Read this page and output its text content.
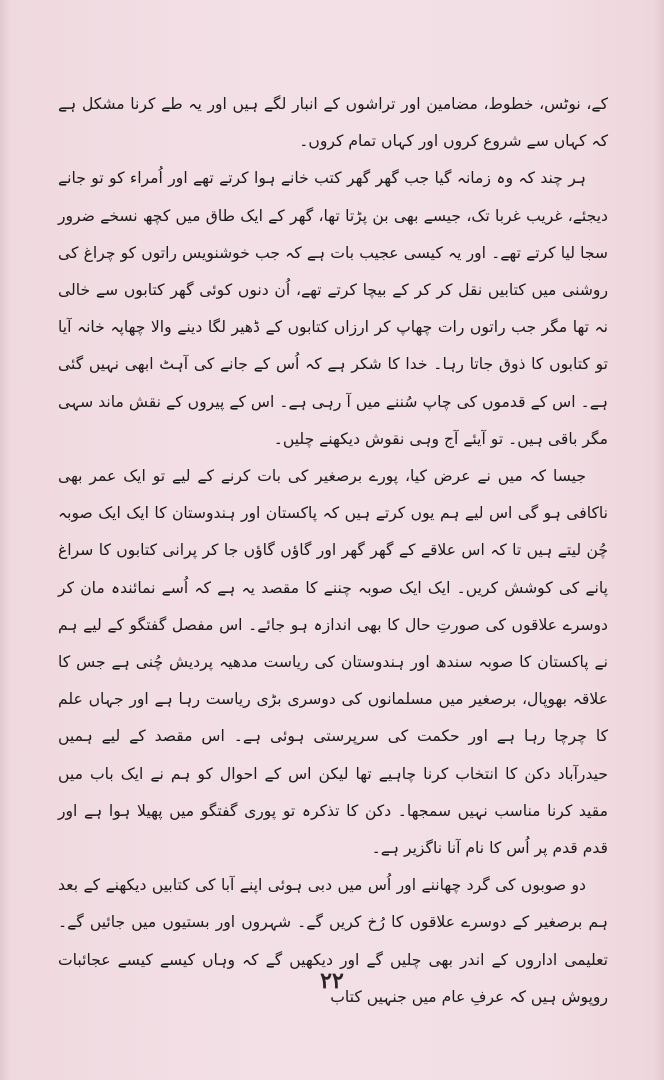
کے، نوٹس، خطوط، مضامین اور تراشوں کے انبار لگے ہیں اور یہ طے کرنا مشکل ہے کہ کہاں سے شروع کروں اور کہاں تمام کروں۔

ہر چند کہ وہ زمانہ گیا جب گھر گھر کتب خانے ہوا کرتے تھے اور اُمراء کو تو جانے دیجئے، غریب غربا تک، جیسے بھی بن پڑتا تھا، گھر کے ایک طاق میں کچھ نسخے ضرور سجا لیا کرتے تھے۔ اور یہ کیسی عجیب بات ہے کہ جب خوشنویس راتوں کو چراغ کی روشنی میں کتابیں نقل کر کر کے بیچا کرتے تھے، اُن دنوں کوئی گھر کتابوں سے خالی نہ تھا مگر جب راتوں رات چھاپ کر ارزاں کتابوں کے ڈھیر لگا دینے والا چھاپہ خانہ آیا تو کتابوں کا ذوق جاتا رہا۔ خدا کا شکر ہے کہ اُس کے جانے کی آہٹ ابھی نہیں گئی ہے۔ اس کے قدموں کی چاپ سُننے میں آ رہی ہے۔ اس کے پیروں کے نقش ماند سہی مگر باقی ہیں۔ تو آیئے آج وہی نقوش دیکھنے چلیں۔

جیسا کہ میں نے عرض کیا، پورے برصغیر کی بات کرنے کے لیے تو ایک عمر بھی ناکافی ہو گی اس لیے ہم یوں کرتے ہیں کہ پاکستان اور ہندوستان کا ایک ایک صوبہ چُن لیتے ہیں تا کہ اس علاقے کے گھر گھر اور گاؤں گاؤں جا کر پرانی کتابوں کا سراغ پانے کی کوشش کریں۔ ایک ایک صوبہ چننے کا مقصد یہ ہے کہ اُسے نمائندہ مان کر دوسرے علاقوں کی صورتِ حال کا بھی اندازہ ہو جائے۔ اس مفصل گفتگو کے لیے ہم نے پاکستان کا صوبہ سندھ اور ہندوستان کی ریاست مدھیہ پردیش چُنی ہے جس کا علاقہ بھوپال، برصغیر میں مسلمانوں کی دوسری بڑی ریاست رہا ہے اور جہاں علم کا چرچا رہا ہے اور حکمت کی سرپرستی ہوئی ہے۔ اس مقصد کے لیے ہمیں حیدرآباد دکن کا انتخاب کرنا چاہیے تھا لیکن اس کے احوال کو ہم نے ایک باب میں مقید کرنا مناسب نہیں سمجھا۔ دکن کا تذکرہ تو پوری گفتگو میں پھیلا ہوا ہے اور قدم قدم پر اُس کا نام آنا ناگزیر ہے۔

دو صوبوں کی گرد چھاننے اور اُس میں دبی ہوئی اپنے آبا کی کتابیں دیکھنے کے بعد ہم برصغیر کے دوسرے علاقوں کا رُخ کریں گے۔ شہروں اور بستیوں میں جائیں گے۔ تعلیمی اداروں کے اندر بھی چلیں گے اور دیکھیں گے کہ وہاں کیسے کیسے عجائبات روپوش ہیں کہ عرفِ عام میں جنہیں کتاب

۲۲
